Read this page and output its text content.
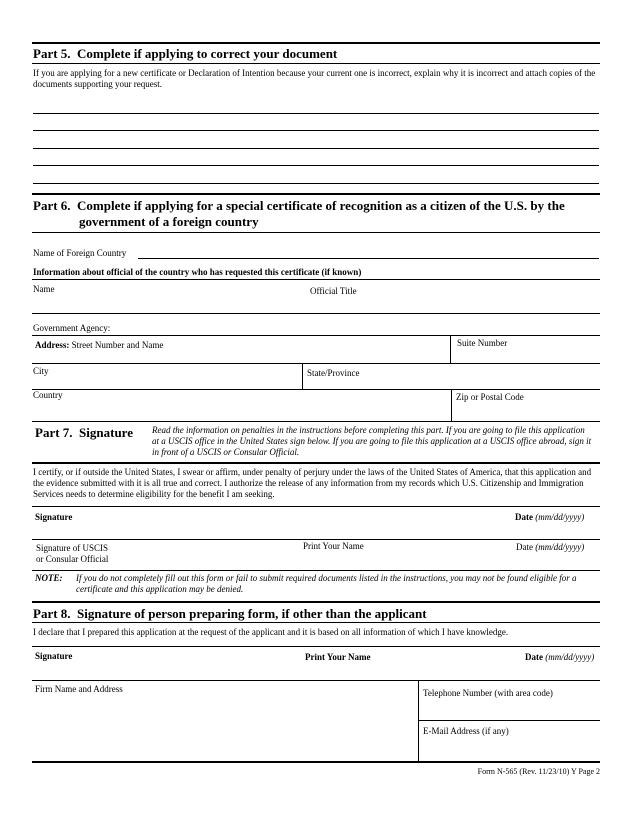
Part 5. Complete if applying to correct your document
If you are applying for a new certificate or Declaration of Intention because your current one is incorrect, explain why it is incorrect and attach copies of the documents supporting your request.
Part 6. Complete if applying for a special certificate of recognition as a citizen of the U.S. by the
government of a foreign country
Name of Foreign Country
Information about official of the country who has requested this certificate (if known)
Name	Official Title
Government Agency:
Address: Street Number and Name	Suite Number
City	State/Province
Country	Zip or Postal Code
Part 7. Signature Read the information on penalties in the instructions before completing this part. If you are going to file this application at a USCIS office in the United States sign below. If you are going to file this application at a USCIS office abroad, sign it in front of a USCIS or Consular Official.
I certify, or if outside the United States, I swear or affirm, under penalty of perjury under the laws of the United States of America, that this application and the evidence submitted with it is all true and correct. I authorize the release of any information from my records which U.S. Citizenship and Immigration Services needs to determine eligibility for the benefit I am seeking.
Signature	Date (mm/dd/yyyy)
Signature of USCIS
or Consular Official
Print Your Name	Date (mm/dd/yyyy)
NOTE: If you do not completely fill out this form or fail to submit required documents listed in the instructions, you may not be found eligible for a certificate and this application may be denied.
Part 8. Signature of person preparing form, if other than the applicant
I declare that I prepared this application at the request of the applicant and it is based on all information of which I have knowledge.
Signature	Print Your Name	Date (mm/dd/yyyy)
Firm Name and Address	Telephone Number (with area code)
E-Mail Address (if any)
Form N-565 (Rev. 11/23/10) Y Page 2
